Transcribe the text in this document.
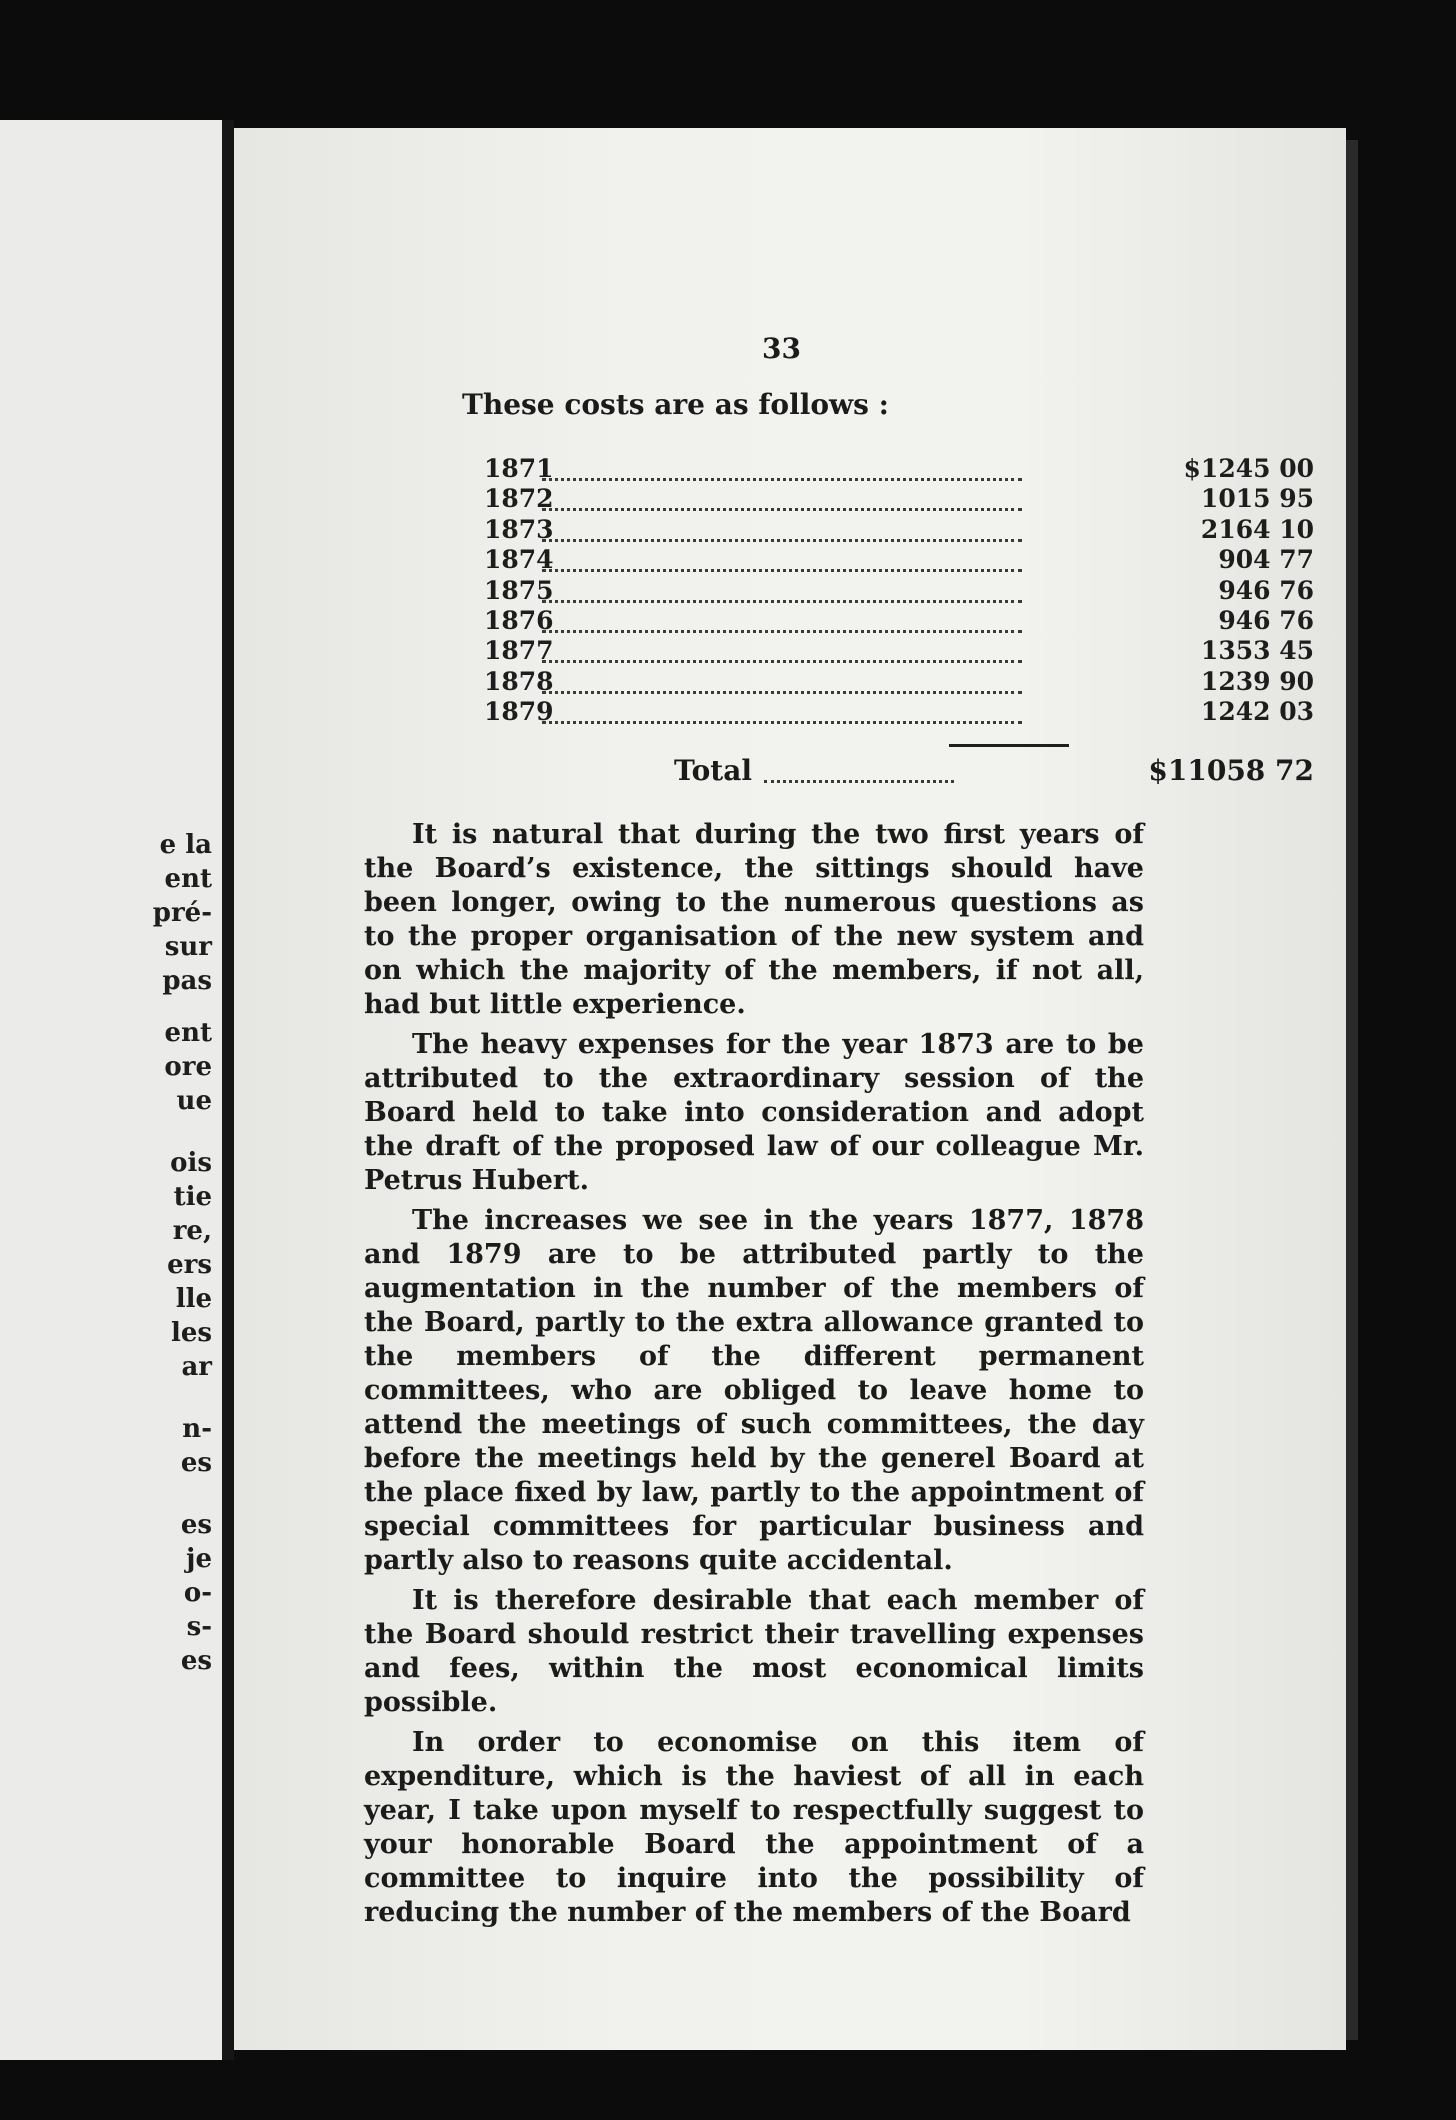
e la
ent
pré-
sur
pas
ent
ore
ue
ois
tie
re,
ers
lle
les
ar
n-
es
es
je
o-
s-
es
33
These costs are as follows :
1871	$1245 00
1872	1015 95
1873	2164 10
1874	904 77
1875	946 76
1876	946 76
1877	1353 45
1878	1239 90
1879	1242 03
Total	$11058 72

It is natural that during the two first years of the Board’s existence, the sittings should have been longer, owing to the numerous questions as to the proper organisation of the new system and on which the majority of the members, if not all, had but little experience.

The heavy expenses for the year 1873 are to be attributed to the extraordinary session of the Board held to take into consideration and adopt the draft of the proposed law of our colleague Mr. Petrus Hubert.

The increases we see in the years 1877, 1878 and 1879 are to be attributed partly to the augmentation in the number of the members of the Board, partly to the extra allowance granted to the members of the different permanent committees, who are obliged to leave home to attend the meetings of such committees, the day before the meetings held by the generel Board at the place fixed by law, partly to the appointment of special committees for particular business and partly also to reasons quite accidental.

It is therefore desirable that each member of the Board should restrict their travelling expenses and fees, within the most economical limits possible.

In order to economise on this item of expenditure, which is the haviest of all in each year, I take upon myself to respectfully suggest to your honorable Board the appointment of a committee to inquire into the possibility of reducing the number of the members of the Board
